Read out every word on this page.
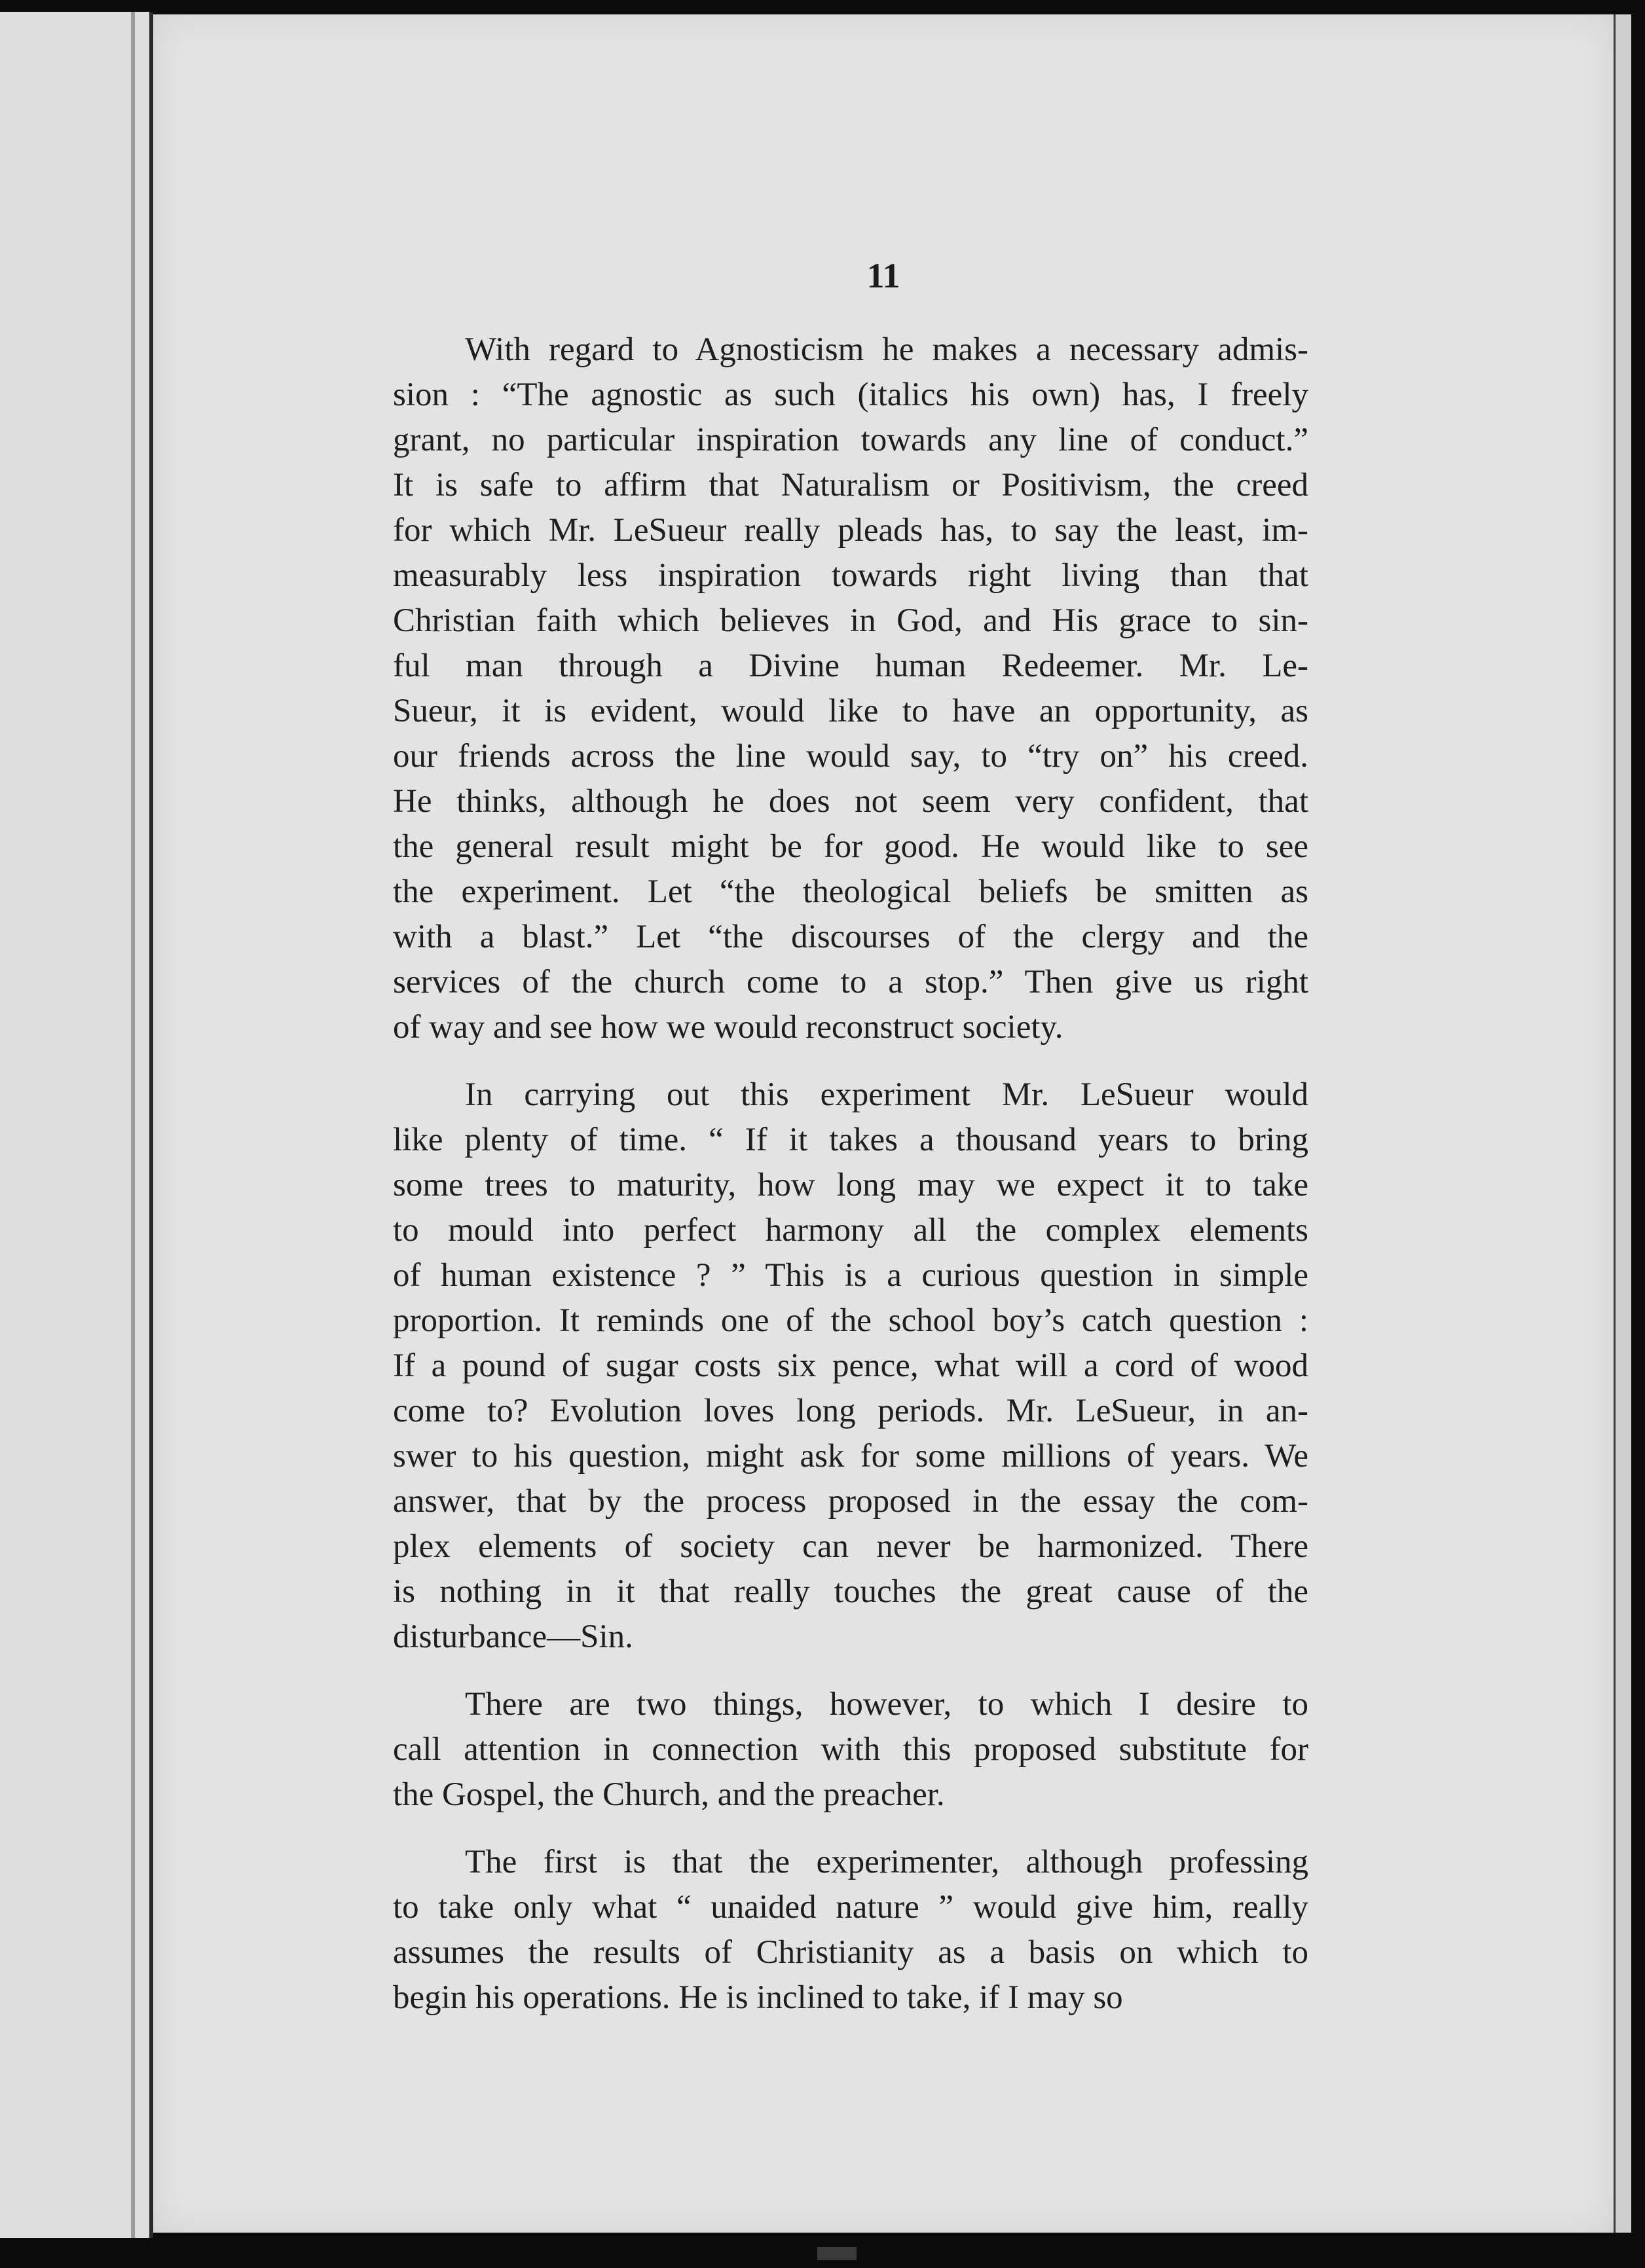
11
With regard to Agnosticism he makes a necessary admis-
sion : “The agnostic as such (italics his own) has, I freely
grant, no particular inspiration towards any line of conduct.”
It is safe to affirm that Naturalism or Positivism, the creed
for which Mr. LeSueur really pleads has, to say the least, im-
measurably less inspiration towards right living than that
Christian faith which believes in God, and His grace to sin-
ful man through a Divine human Redeemer. Mr. Le-
Sueur, it is evident, would like to have an opportunity, as
our friends across the line would say, to “try on” his creed.
He thinks, although he does not seem very confident, that
the general result might be for good. He would like to see
the experiment. Let “the theological beliefs be smitten as
with a blast.” Let “the discourses of the clergy and the
services of the church come to a stop.” Then give us right
of way and see how we would reconstruct society.
In carrying out this experiment Mr. LeSueur would
like plenty of time. “ If it takes a thousand years to bring
some trees to maturity, how long may we expect it to take
to mould into perfect harmony all the complex elements
of human existence ? ” This is a curious question in simple
proportion. It reminds one of the school boy’s catch question :
If a pound of sugar costs six pence, what will a cord of wood
come to? Evolution loves long periods. Mr. LeSueur, in an-
swer to his question, might ask for some millions of years. We
answer, that by the process proposed in the essay the com-
plex elements of society can never be harmonized. There
is nothing in it that really touches the great cause of the
disturbance—Sin.
There are two things, however, to which I desire to
call attention in connection with this proposed substitute for
the Gospel, the Church, and the preacher.
The first is that the experimenter, although professing
to take only what “ unaided nature ” would give him, really
assumes the results of Christianity as a basis on which to
begin his operations. He is inclined to take, if I may so
